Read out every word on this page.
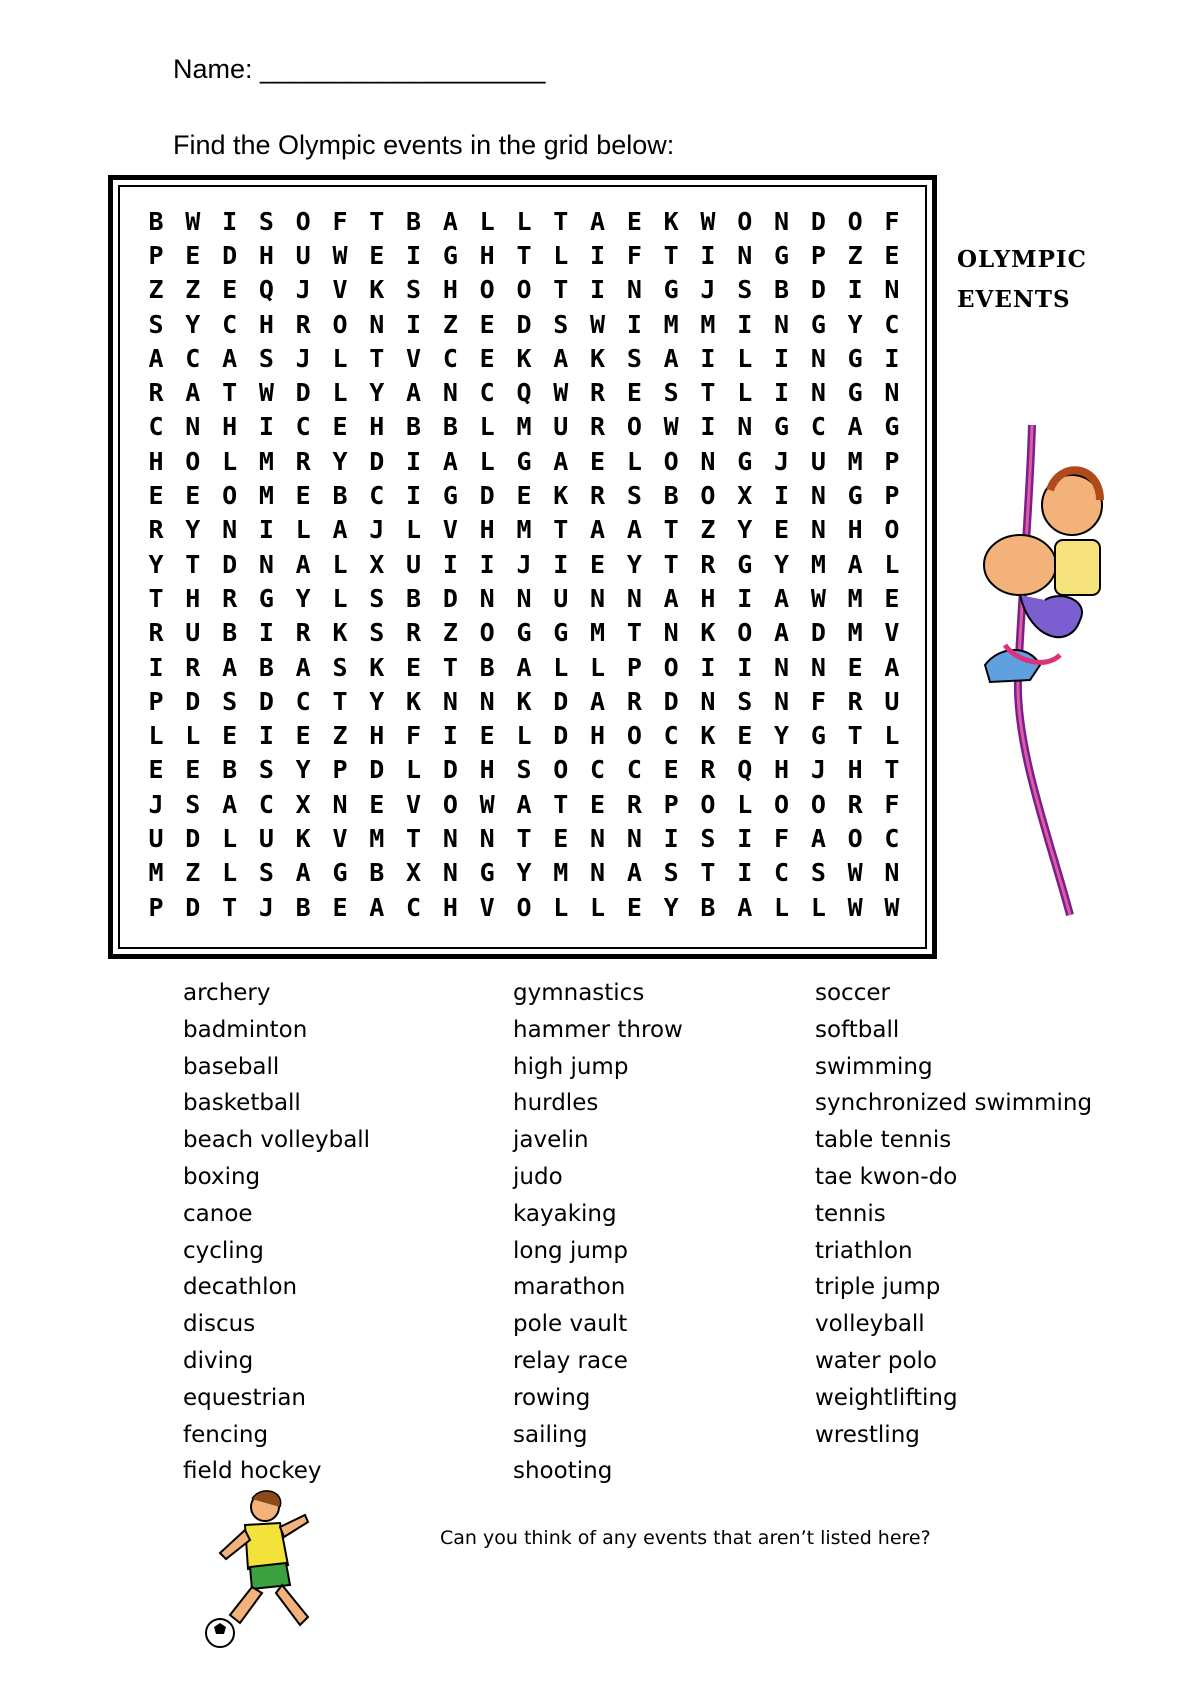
Name: ___________________
Find the Olympic events in the grid below:
B W I S O F T B A L L T A E K W O N D O F
P E D H U W E I G H T L I F T I N G P Z E
Z Z E Q J V K S H O O T I N G J S B D I N
S Y C H R O N I Z E D S W I M M I N G Y C
A C A S J L T V C E K A K S A I L I N G I
R A T W D L Y A N C Q W R E S T L I N G N
C N H I C E H B B L M U R O W I N G C A G
H O L M R Y D I A L G A E L O N G J U M P
E E O M E B C I G D E K R S B O X I N G P
R Y N I L A J L V H M T A A T Z Y E N H O
Y T D N A L X U I I J I E Y T R G Y M A L
T H R G Y L S B D N N U N N A H I A W M E
R U B I R K S R Z O G G M T N K O A D M V
I R A B A S K E T B A L L P O I I N N E A
P D S D C T Y K N N K D A R D N S N F R U
L L E I E Z H F I E L D H O C K E Y G T L
E E B S Y P D L D H S O C C E R Q H J H T
J S A C X N E V O W A T E R P O L O O R F
U D L U K V M T N N T E N N I S I F A O C
M Z L S A G B X N G Y M N A S T I C S W N
P D T J B E A C H V O L L E Y B A L L W W
OLYMPIC
EVENTS
archery
badminton
baseball
basketball
beach volleyball
boxing
canoe
cycling
decathlon
discus
diving
equestrian
fencing
field hockey
gymnastics
hammer throw
high jump
hurdles
javelin
judo
kayaking
long jump
marathon
pole vault
relay race
rowing
sailing
shooting
soccer
softball
swimming
synchronized swimming
table tennis
tae kwon-do
tennis
triathlon
triple jump
volleyball
water polo
weightlifting
wrestling
Can you think of any events that aren’t listed here?
